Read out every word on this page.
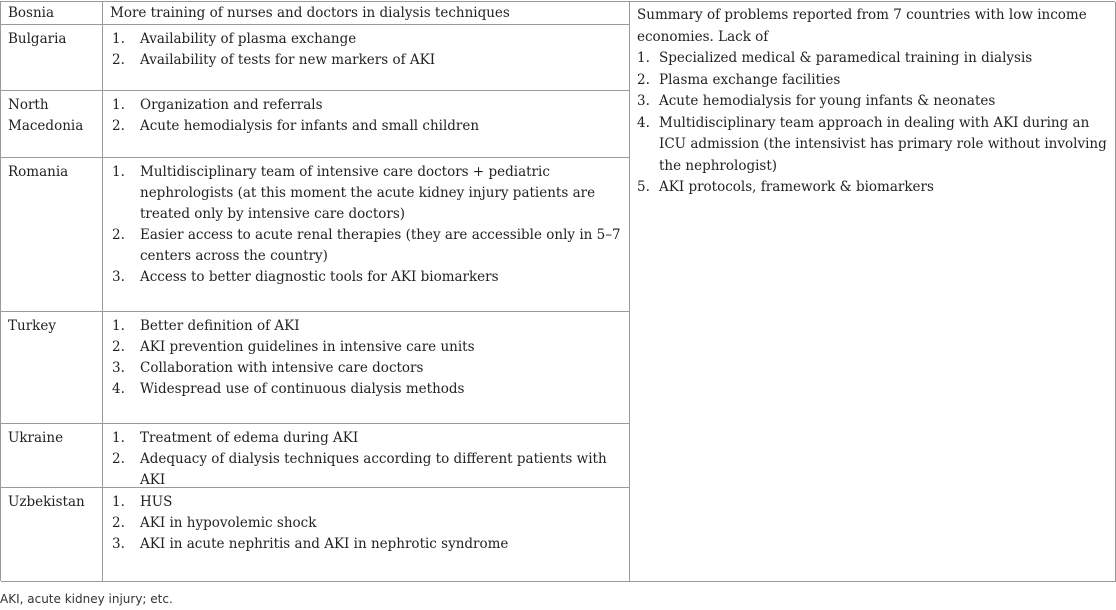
Bosnia	More training of nurses and doctors in dialysis techniques	Summary of problems reported from 7 countries with low income economies. Lack of
1. Specialized medical & paramedical training in dialysis
2. Plasma exchange facilities
3. Acute hemodialysis for young infants & neonates
4. Multidisciplinary team approach in dealing with AKI during an ICU admission (the intensivist has primary role without involving the nephrologist)
5. AKI protocols, framework & biomarkers
Bulgaria	1.	Availability of plasma exchange
2.	Availability of tests for new markers of AKI
North Macedonia
1.	Organization and referrals
2.	Acute hemodialysis for infants and small children
Romania	1.	Multidisciplinary team of intensive care doctors + pediatric nephrologists (at this moment the acute kidney injury patients are treated only by intensive care doctors)
2.	Easier access to acute renal therapies (they are accessible only in 5–7 centers across the country)
3.	Access to better diagnostic tools for AKI biomarkers
Turkey	1.	Better definition of AKI
2.	AKI prevention guidelines in intensive care units
3.	Collaboration with intensive care doctors
4.	Widespread use of continuous dialysis methods
Ukraine	1.	Treatment of edema during AKI
2.	Adequacy of dialysis techniques according to different patients with AKI
Uzbekistan	1.	HUS
2.	AKI in hypovolemic shock
3.	AKI in acute nephritis and AKI in nephrotic syndrome
AKI, acute kidney injury; etc.
